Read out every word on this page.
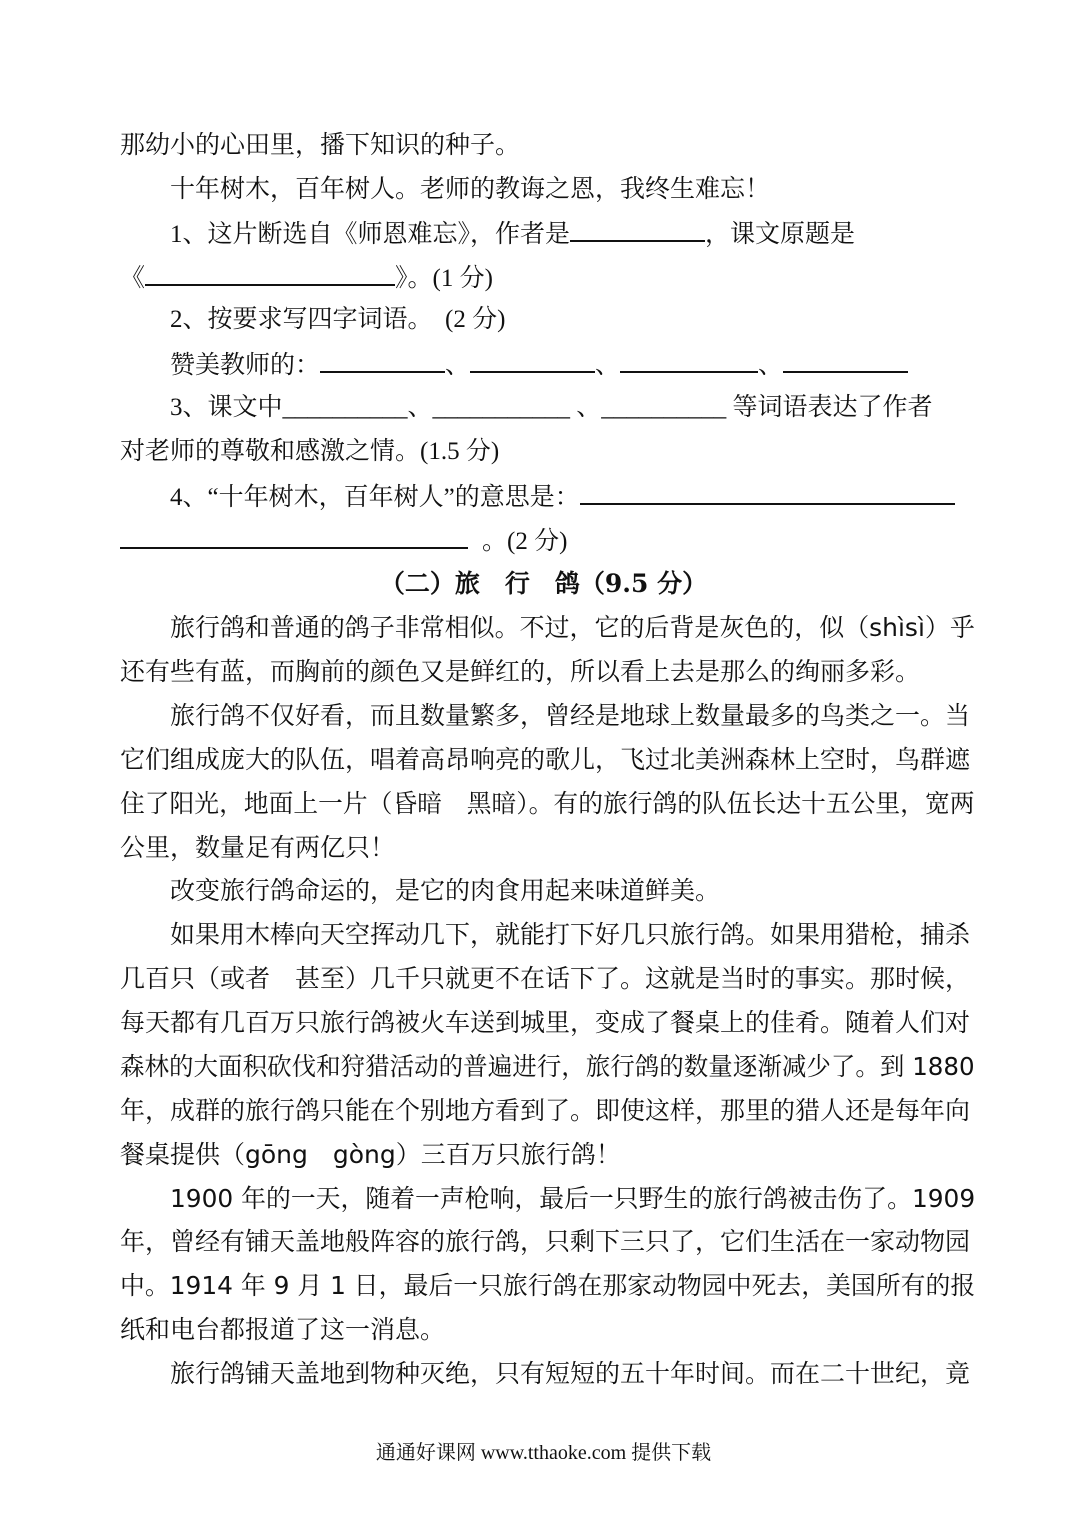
那幼小的心田里，播下知识的种子。
十年树木，百年树人。老师的教诲之恩，我终生难忘！
1、这片断选自《师恩难忘》，作者是	，课文原题是
《	》。(1 分)
2、按要求写四字词语。　(2 分)
赞美教师的：	、	、	、
3、课文中__________、___________ 、__________ 等词语表达了作者
对老师的尊敬和感激之情。(1.5 分)
4、“十年树木，百年树人”的意思是：
。(2 分)
（二）旅　行　鸽（9.5 分）
旅行鸽和普通的鸽子非常相似。不过，它的后背是灰色的，似（shìsì）乎
还有些有蓝，而胸前的颜色又是鲜红的，所以看上去是那么的绚丽多彩。
旅行鸽不仅好看，而且数量繁多，曾经是地球上数量最多的鸟类之一。当
它们组成庞大的队伍，唱着高昂响亮的歌儿，飞过北美洲森林上空时，鸟群遮
住了阳光，地面上一片（昏暗　黑暗）。有的旅行鸽的队伍长达十五公里，宽两
公里，数量足有两亿只！
改变旅行鸽命运的，是它的肉食用起来味道鲜美。
如果用木棒向天空挥动几下，就能打下好几只旅行鸽。如果用猎枪，捕杀
几百只（或者　甚至）几千只就更不在话下了。这就是当时的事实。那时候，
每天都有几百万只旅行鸽被火车送到城里，变成了餐桌上的佳肴。随着人们对
森林的大面积砍伐和狩猎活动的普遍进行，旅行鸽的数量逐渐减少了。到 1880
年，成群的旅行鸽只能在个别地方看到了。即使这样，那里的猎人还是每年向
餐桌提供（gōng　gòng）三百万只旅行鸽！
1900 年的一天，随着一声枪响，最后一只野生的旅行鸽被击伤了。1909
年，曾经有铺天盖地般阵容的旅行鸽，只剩下三只了，它们生活在一家动物园
中。1914 年 9 月 1 日，最后一只旅行鸽在那家动物园中死去，美国所有的报
纸和电台都报道了这一消息。
旅行鸽铺天盖地到物种灭绝，只有短短的五十年时间。而在二十世纪，竟
通通好课网 www.tthaoke.com 提供下载
